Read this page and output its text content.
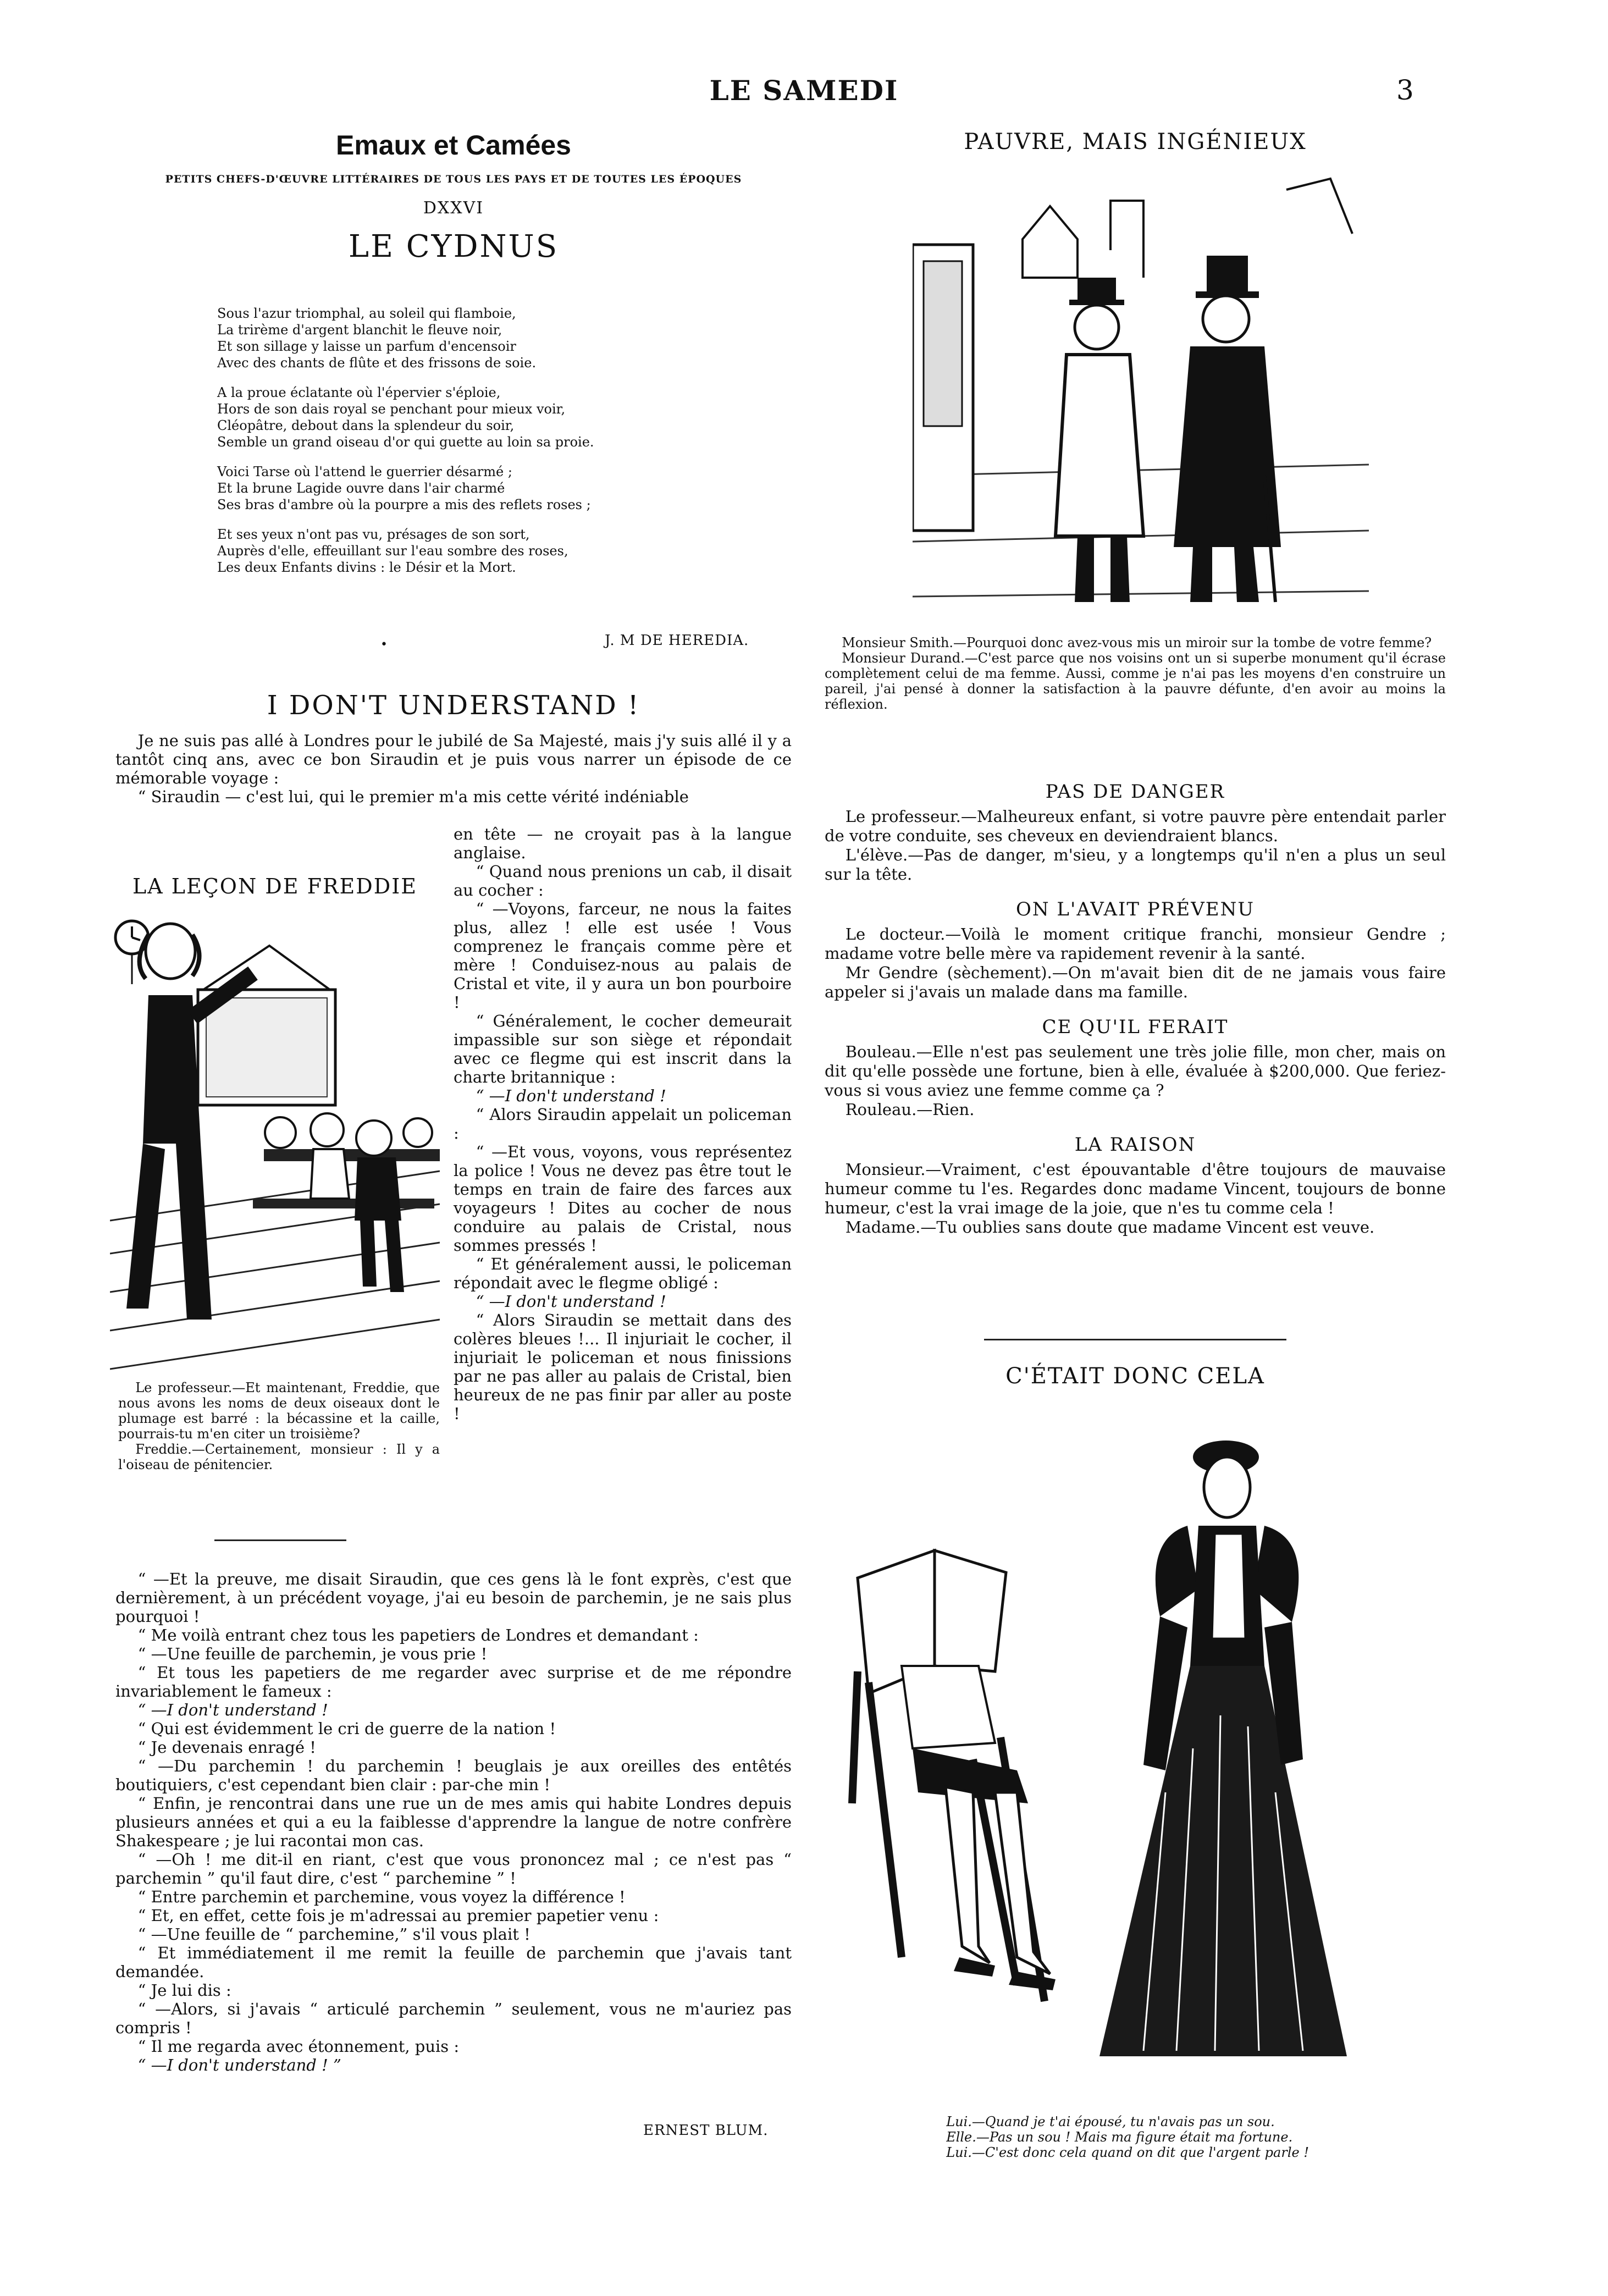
LE SAMEDI	3
Emaux et Camées
PETITS CHEFS-D'ŒUVRE LITTÉRAIRES DE TOUS LES PAYS ET DE TOUTES LES ÉPOQUES
DXXVI
LE CYDNUS
Sous l'azur triomphal, au soleil qui flamboie,
La trirème d'argent blanchit le fleuve noir,
Et son sillage y laisse un parfum d'encensoir
Avec des chants de flûte et des frissons de soie.
A la proue éclatante où l'épervier s'éploie,
Hors de son dais royal se penchant pour mieux voir,
Cléopâtre, debout dans la splendeur du soir,
Semble un grand oiseau d'or qui guette au loin sa proie.
Voici Tarse où l'attend le guerrier désarmé ;
Et la brune Lagide ouvre dans l'air charmé
Ses bras d'ambre où la pourpre a mis des reflets roses ;
Et ses yeux n'ont pas vu, présages de son sort,
Auprès d'elle, effeuillant sur l'eau sombre des roses,
Les deux Enfants divins : le Désir et la Mort.
J. M DE HEREDIA.
•
I DON'T UNDERSTAND !

Je ne suis pas allé à Londres pour le jubilé de Sa Majesté, mais j'y suis allé il y a tantôt cinq ans, avec ce bon Siraudin et je puis vous narrer un épisode de ce mémorable voyage :

“ Siraudin — c'est lui, qui le premier m'a mis cette vérité indéniable

LA LEÇON DE FREDDIE

Le professeur.—Et maintenant, Freddie, que nous avons les noms de deux oiseaux dont le plumage est barré : la bécassine et la caille, pourrais-tu m'en citer un troisième?

Freddie.—Certainement, monsieur : Il y a l'oiseau de pénitencier.

en tête — ne croyait pas à la langue anglaise.

“ Quand nous prenions un cab, il disait au cocher :

“ —Voyons, farceur, ne nous la faites plus, allez ! elle est usée ! Vous comprenez le français comme père et mère ! Conduisez-nous au palais de Cristal et vite, il y aura un bon pourboire !

“ Généralement, le cocher demeurait impassible sur son siège et répondait avec ce flegme qui est inscrit dans la charte britannique :

“ —I don't understand !

“ Alors Siraudin appelait un policeman :

“ —Et vous, voyons, vous représentez la police ! Vous ne devez pas être tout le temps en train de faire des farces aux voyageurs ! Dites au cocher de nous conduire au palais de Cristal, nous sommes pressés !

“ Et généralement aussi, le policeman répondait avec le flegme obligé :

“ —I don't understand !

“ Alors Siraudin se mettait dans des colères bleues !... Il injuriait le cocher, il injuriait le policeman et nous finissions par ne pas aller au palais de Cristal, bien heureux de ne pas finir par aller au poste !

“ —Et la preuve, me disait Siraudin, que ces gens là le font exprès, c'est que dernièrement, à un précédent voyage, j'ai eu besoin de parchemin, je ne sais plus pourquoi !

“ Me voilà entrant chez tous les papetiers de Londres et demandant :

“ —Une feuille de parchemin, je vous prie !

“ Et tous les papetiers de me regarder avec surprise et de me répondre invariablement le fameux :

“ —I don't understand !

“ Qui est évidemment le cri de guerre de la nation !

“ Je devenais enragé !

“ —Du parchemin ! du parchemin ! beuglais je aux oreilles des entêtés boutiquiers, c'est cependant bien clair : par-che min !

“ Enfin, je rencontrai dans une rue un de mes amis qui habite Londres depuis plusieurs années et qui a eu la faiblesse d'apprendre la langue de notre confrère Shakespeare ; je lui racontai mon cas.

“ —Oh ! me dit-il en riant, c'est que vous prononcez mal ; ce n'est pas “ parchemin ” qu'il faut dire, c'est “ parchemine ” !

“ Entre parchemin et parchemine, vous voyez la différence !

“ Et, en effet, cette fois je m'adressai au premier papetier venu :

“ —Une feuille de “ parchemine,” s'il vous plait !

“ Et immédiatement il me remit la feuille de parchemin que j'avais tant demandée.

“ Je lui dis :

“ —Alors, si j'avais “ articulé parchemin ” seulement, vous ne m'auriez pas compris !

“ Il me regarda avec étonnement, puis :

“ —I don't understand ! ”

ERNEST BLUM.
PAUVRE, MAIS INGÉNIEUX

Monsieur Smith.—Pourquoi donc avez-vous mis un miroir sur la tombe de votre femme?

Monsieur Durand.—C'est parce que nos voisins ont un si superbe monument qu'il écrase complètement celui de ma femme. Aussi, comme je n'ai pas les moyens d'en construire un pareil, j'ai pensé à donner la satisfaction à la pauvre défunte, d'en avoir au moins la réflexion.

PAS DE DANGER

Le professeur.—Malheureux enfant, si votre pauvre père entendait parler de votre conduite, ses cheveux en deviendraient blancs.

L'élève.—Pas de danger, m'sieu, y a longtemps qu'il n'en a plus un seul sur la tête.

ON L'AVAIT PRÉVENU

Le docteur.—Voilà le moment critique franchi, monsieur Gendre ; madame votre belle mère va rapidement revenir à la santé.

Mr Gendre (sèchement).—On m'avait bien dit de ne jamais vous faire appeler si j'avais un malade dans ma famille.

CE QU'IL FERAIT

Bouleau.—Elle n'est pas seulement une très jolie fille, mon cher, mais on dit qu'elle possède une fortune, bien à elle, évaluée à $200,000. Que feriez-vous si vous aviez une femme comme ça ?

Rouleau.—Rien.

LA RAISON

Monsieur.—Vraiment, c'est épouvantable d'être toujours de mauvaise humeur comme tu l'es. Regardes donc madame Vincent, toujours de bonne humeur, c'est la vrai image de la joie, que n'es tu comme cela !

Madame.—Tu oublies sans doute que madame Vincent est veuve.

C'ÉTAIT DONC CELA

Lui.—Quand je t'ai épousé, tu n'avais pas un sou.

Elle.—Pas un sou ! Mais ma figure était ma fortune.

Lui.—C'est donc cela quand on dit que l'argent parle !
